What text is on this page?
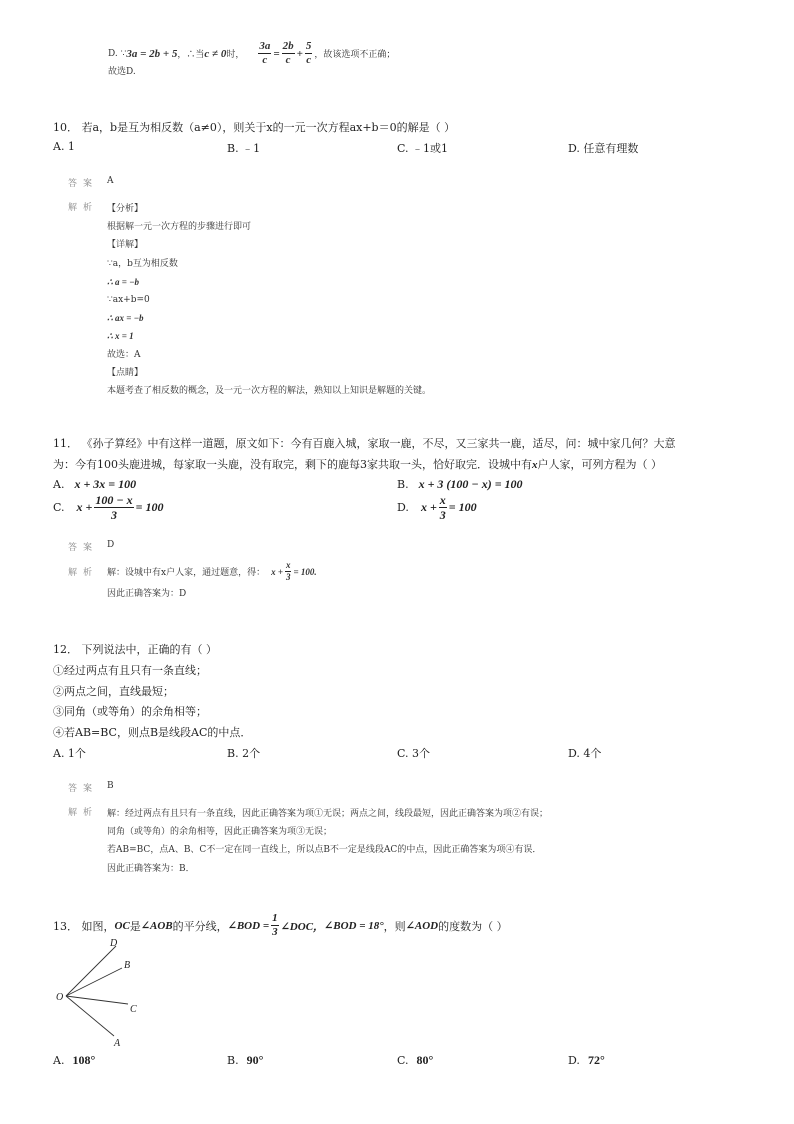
D. ∵ 3a = 2b + 5 ，∴当 c ≠ 0 时， $\frac{3a}{c} = \frac{2b}{c} + \frac{5}{c}$ ，故该选项不正确；
故选D.
10． 若a，b是互为相反数（a≠0），则关于x的一元一次方程ax+b＝0的解是（ ）
A. 1	B. ﹣1	C. ﹣1或1	D. 任意有理数
答案 A
解析 【分析】
根据解一元一次方程的步骤进行即可
【详解】
∵a，b互为相反数
∴ a = −b
∵ax+b=0
∴ ax = −b
∴ x = 1
故选：A
【点睛】
本题考查了相反数的概念，及一元一次方程的解法，熟知以上知识是解题的关键。
11． 《孙子算经》中有这样一道题，原文如下：今有百鹿入城，家取一鹿，不尽，又三家共一鹿，适尽，问：城中家几何？大意
为：今有100头鹿进城，每家取一头鹿，没有取完，剩下的鹿每3家共取一头，恰好取完．设城中有x户人家，可列方程为（ ）
A. x + 3x = 100	B. x + 3 (100 − x) = 100
C. $x + \frac{100 - x}{3} = 100$	D. $x + \frac{x}{3} = 100$
答案 D
解析 解：设城中有x户人家，通过题意，得： $x + \frac{x}{3} = 100$.
因此正确答案为：D
12． 下列说法中，正确的有（ ）
①经过两点有且只有一条直线；
②两点之间，直线最短；
③同角（或等角）的余角相等；
④若AB=BC，则点B是线段AC的中点．
A. 1个	B. 2个	C. 3个	D. 4个
答案 B
解析 解：经过两点有且只有一条直线，因此正确答案为项①无误；两点之间，线段最短，因此正确答案为项②有误；
同角（或等角）的余角相等，因此正确答案为项③无误；
若AB=BC，点A、B、C不一定在同一直线上，所以点B不一定是线段AC的中点，因此正确答案为项④有误．
因此正确答案为：B．
13． 如图， OC 是 ∠AOB 的平分线， ∠BOD = $\frac{1}{3}$ ∠DOC， ∠BOD = 18° ，则 ∠AOD 的度数为（ ）
D
B
O
C
A
A. 108°	B. 90°	C. 80°	D. 72°
